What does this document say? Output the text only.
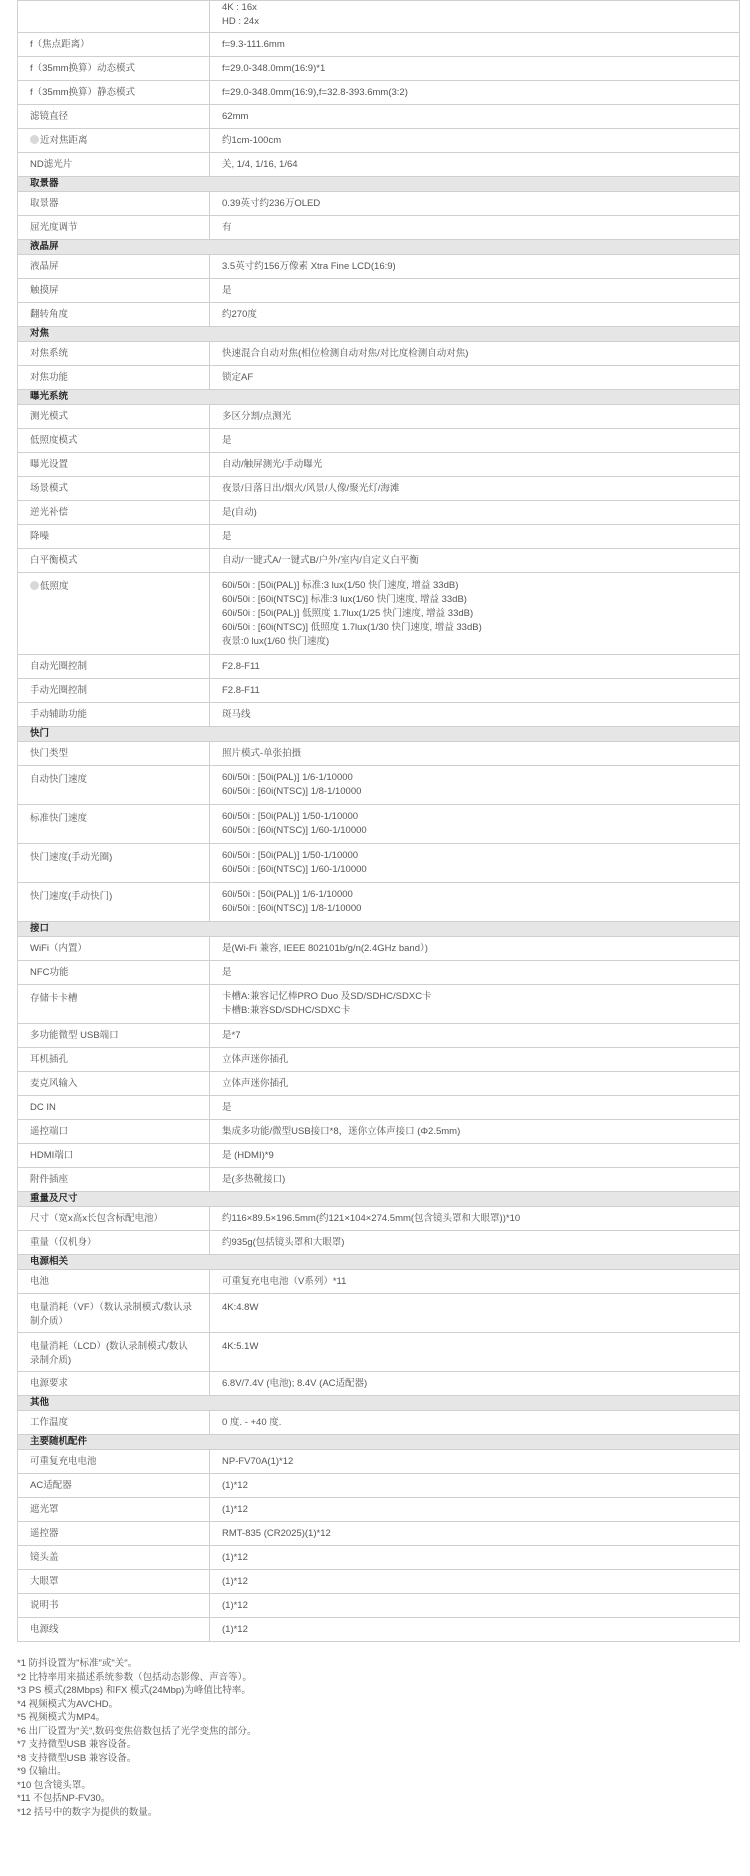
	4K : 16x
HD : 24x

f（焦点距离）	f=9.3-111.6mm
f（35mm换算）动态模式	f=29.0-348.0mm(16:9)*1
f（35mm换算）静态模式	f=29.0-348.0mm(16:9),f=32.8-393.6mm(3:2)
滤镜直径	62mm
近对焦距离	约1cm-100cm
ND滤光片	关, 1/4, 1/16, 1/64
取景器	
取景器	0.39英寸约236万OLED
屈光度调节	有
液晶屏	
液晶屏	3.5英寸约156万像素 Xtra Fine LCD(16:9)
触摸屏	是
翻转角度	约270度
对焦	
对焦系统	快速混合自动对焦(相位检测自动对焦/对比度检测自动对焦)
对焦功能	锁定AF
曝光系统	
测光模式	多区分割/点测光
低照度模式	是
曝光设置	自动/触屏测光/手动曝光
场景模式	夜景/日落日出/烟火/风景/人像/聚光灯/海滩
逆光补偿	是(自动)
降噪	是
白平衡模式	自动/一键式A/一键式B/户外/室内/自定义白平衡
低照度	60i/50i : [50i(PAL)] 标准:3 lux(1/50 快门速度, 增益 33dB)
60i/50i : [60i(NTSC)] 标准:3 lux(1/60 快门速度, 增益 33dB)
60i/50i : [50i(PAL)] 低照度 1.7lux(1/25 快门速度, 增益 33dB)
60i/50i : [60i(NTSC)] 低照度 1.7lux(1/30 快门速度, 增益 33dB)
夜景:0 lux(1/60 快门速度)

自动光圈控制	F2.8-F11
手动光圈控制	F2.8-F11
手动辅助功能	斑马线
快门	
快门类型	照片模式-单张拍摄
自动快门速度	60i/50i : [50i(PAL)] 1/6-1/10000
60i/50i : [60i(NTSC)] 1/8-1/10000

标准快门速度	60i/50i : [50i(PAL)] 1/50-1/10000
60i/50i : [60i(NTSC)] 1/60-1/10000

快门速度(手动光圈)	60i/50i : [50i(PAL)] 1/50-1/10000
60i/50i : [60i(NTSC)] 1/60-1/10000

快门速度(手动快门)	60i/50i : [50i(PAL)] 1/6-1/10000
60i/50i : [60i(NTSC)] 1/8-1/10000

接口	
WiFi（内置）	是(Wi-Fi 兼容, IEEE 802101b/g/n(2.4GHz band）)
NFC功能	是
存储卡卡槽	卡槽A:兼容记忆棒PRO Duo 及SD/SDHC/SDXC卡
卡槽B:兼容SD/SDHC/SDXC卡

多功能微型 USB端口	是*7
耳机插孔	立体声迷你插孔
麦克风输入	立体声迷你插孔
DC IN	是
遥控端口	集成多功能/微型USB接口*8，迷你立体声接口 (Φ2.5mm)
HDMI端口	是 (HDMI)*9
附件插座	是(多热靴接口)
重量及尺寸	
尺寸（宽x高x长包含标配电池）	约116×89.5×196.5mm(约121×104×274.5mm(包含镜头罩和大眼罩))*10
重量（仅机身）	约935g(包括镜头罩和大眼罩)
电源相关	
电池	可重复充电电池（V系列）*11
电量消耗（VF）（数认录制模式/数认录制介质）	4K:4.8W
电量消耗（LCD）(数认录制模式/数认录制介质)	4K:5.1W
电源要求	6.8V/7.4V (电池); 8.4V (AC适配器)
其他	
工作温度	0 度. - +40 度.
主要随机配件	
可重复充电电池	NP-FV70A(1)*12
AC适配器	(1)*12
遮光罩	(1)*12
遥控器	RMT-835 (CR2025)(1)*12
镜头盖	(1)*12
大眼罩	(1)*12
说明书	(1)*12
电源线	(1)*12
*1 防抖设置为"标准"或"关"。
*2 比特率用来描述系统参数（包括动态影像、声音等）。
*3 PS 模式(28Mbps) 和FX 模式(24Mbp)为峰值比特率。
*4 视频模式为AVCHD。
*5 视频模式为MP4。
*6 出厂设置为"关",数码变焦倍数包括了光学变焦的部分。
*7 支持微型USB 兼容设备。
*8 支持微型USB 兼容设备。
*9 仅输出。
*10 包含镜头罩。
*11 不包括NP-FV30。
*12 括号中的数字为提供的数量。
